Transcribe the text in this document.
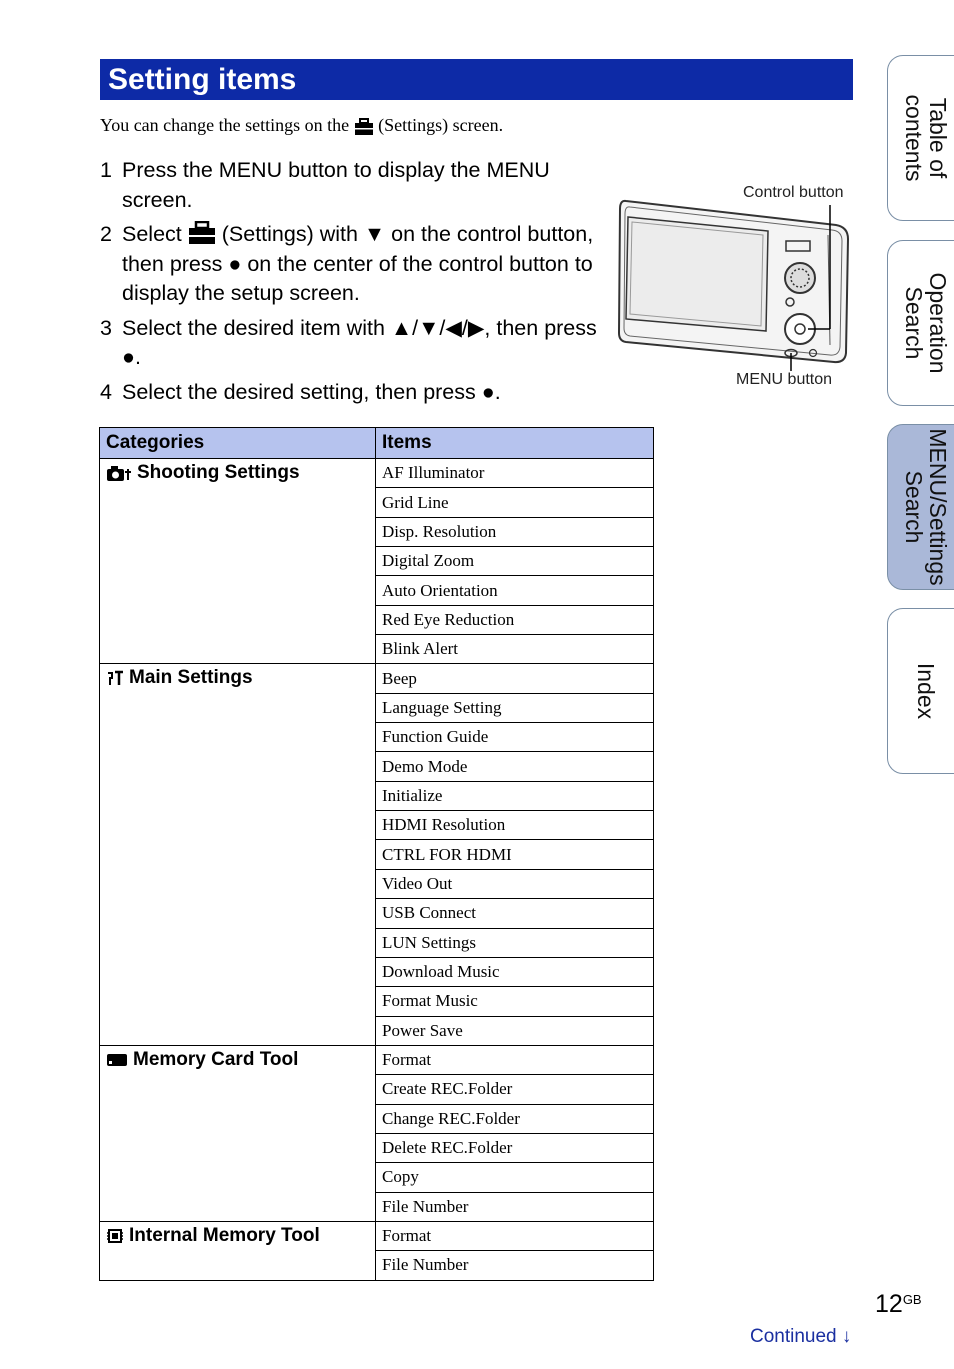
Setting items
You can change the settings on the (Settings) screen.
1 Press the MENU button to display the MENU screen.
2 Select (Settings) with ▼ on the control button, then press ● on the center of the control button to display the setup screen.
3 Select the desired item with ▲/▼/◀/▶, then press ●.
4 Select the desired setting, then press ●.
Control button
MENU button
Categories	Items

Shooting Settings	AF Illuminator
	Grid Line
	Disp. Resolution
	Digital Zoom
	Auto Orientation
	Red Eye Reduction
	Blink Alert

Main Settings	Beep
	Language Setting
	Function Guide
	Demo Mode
	Initialize
	HDMI Resolution
	CTRL FOR HDMI
	Video Out
	USB Connect
	LUN Settings
	Download Music
	Format Music
	Power Save

Memory Card Tool	Format
	Create REC.Folder
	Change REC.Folder
	Delete REC.Folder
	Copy
	File Number

Internal Memory Tool	Format
	File Number
Table of
contents
Operation
Search
MENU/Settings
Search
Index
$12^{GB}$
Continued ↓
